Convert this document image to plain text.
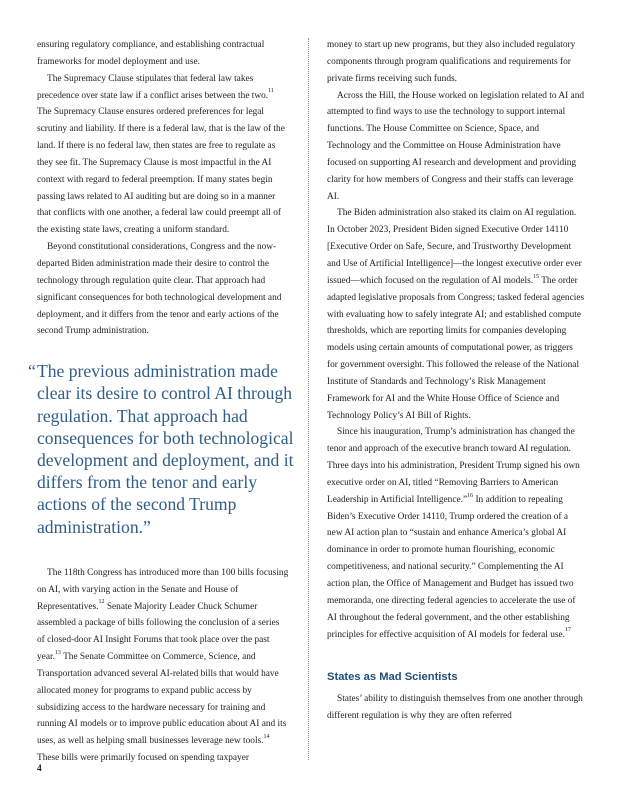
ensuring regulatory compliance, and establishing contractual frameworks for model deployment and use.

The Supremacy Clause stipulates that federal law takes precedence over state law if a conflict arises between the two.$^{11}$ The Supremacy Clause ensures ordered preferences for legal scrutiny and liability. If there is a federal law, that is the law of the land. If there is no federal law, then states are free to regulate as they see fit. The Supremacy Clause is most impactful in the AI context with regard to federal preemption. If many states begin passing laws related to AI auditing but are doing so in a manner that conflicts with one another, a federal law could preempt all of the existing state laws, creating a uniform standard.

Beyond constitutional considerations, Congress and the now-departed Biden administration made their desire to control the technology through regulation quite clear. That approach had significant consequences for both technological development and deployment, and it differs from the tenor and early actions of the second Trump administration.

“ The previous administration made clear its desire to control AI through regulation. That approach had consequences for both technological development and deployment, and it differs from the tenor and early actions of the second Trump administration.”

The 118th Congress has introduced more than 100 bills focusing on AI, with varying action in the Senate and House of Representatives.$^{12}$ Senate Majority Leader Chuck Schumer assembled a package of bills following the conclusion of a series of closed-door AI Insight Forums that took place over the past year.$^{13}$ The Senate Committee on Commerce, Science, and Transportation advanced several AI-related bills that would have allocated money for programs to expand public access by subsidizing access to the hardware necessary for training and running AI models or to improve public education about AI and its uses, as well as helping small businesses leverage new tools.$^{14}$ These bills were primarily focused on spending taxpayer

money to start up new programs, but they also included regulatory components through program qualifications and requirements for private firms receiving such funds.

Across the Hill, the House worked on legislation related to AI and attempted to find ways to use the technology to support internal functions. The House Committee on Science, Space, and Technology and the Committee on House Administration have focused on supporting AI research and development and providing clarity for how members of Congress and their staffs can leverage AI.

The Biden administration also staked its claim on AI regulation. In October 2023, President Biden signed Executive Order 14110 [Executive Order on Safe, Secure, and Trustworthy Development and Use of Artificial Intelligence]—the longest executive order ever issued—which focused on the regulation of AI models.$^{15}$ The order adapted legislative proposals from Congress; tasked federal agencies with evaluating how to safely integrate AI; and established compute thresholds, which are reporting limits for companies developing models using certain amounts of computational power, as triggers for government oversight. This followed the release of the National Institute of Standards and Technology’s Risk Management Framework for AI and the White House Office of Science and Technology Policy’s AI Bill of Rights.

Since his inauguration, Trump’s administration has changed the tenor and approach of the executive branch toward AI regulation. Three days into his administration, President Trump signed his own executive order on AI, titled “Removing Barriers to American Leadership in Artificial Intelligence.”$^{16}$ In addition to repealing Biden’s Executive Order 14110, Trump ordered the creation of a new AI action plan to “sustain and enhance America’s global AI dominance in order to promote human flourishing, economic competitiveness, and national security.” Complementing the AI action plan, the Office of Management and Budget has issued two memoranda, one directing federal agencies to accelerate the use of AI throughout the federal government, and the other establishing principles for effective acquisition of AI models for federal use.$^{17}$

States as Mad Scientists

States’ ability to distinguish themselves from one another through different regulation is why they are often referred

4
